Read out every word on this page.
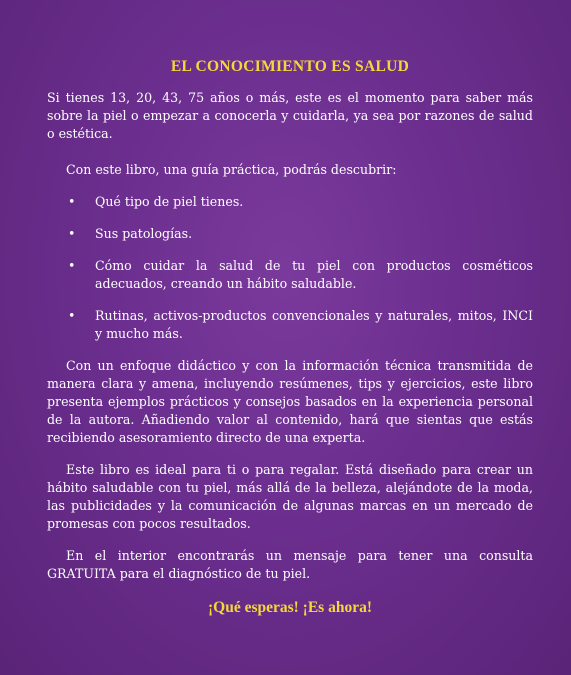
EL CONOCIMIENTO ES SALUD

Si tienes 13, 20, 43, 75 años o más, este es el momento para saber más sobre la piel o empezar a conocerla y cuidarla, ya sea por razones de salud o estética.

Con este libro, una guía práctica, podrás descubrir:

• Qué tipo de piel tienes.
• Sus patologías.
• Cómo cuidar la salud de tu piel con productos cosméticos adecuados, creando un hábito saludable.
• Rutinas, activos-productos convencionales y naturales, mitos, INCI y mucho más.

Con un enfoque didáctico y con la información técnica transmitida de manera clara y amena, incluyendo resúmenes, tips y ejercicios, este libro presenta ejemplos prácticos y consejos basados en la experiencia personal de la autora. Añadiendo valor al contenido, hará que sientas que estás recibiendo asesoramiento directo de una experta.

Este libro es ideal para ti o para regalar. Está diseñado para crear un hábito saludable con tu piel, más allá de la belleza, alejándote de la moda, las publicidades y la comunicación de algunas marcas en un mercado de promesas con pocos resultados.

En el interior encontrarás un mensaje para tener una consulta GRATUITA para el diagnóstico de tu piel.

¡Qué esperas! ¡Es ahora!
